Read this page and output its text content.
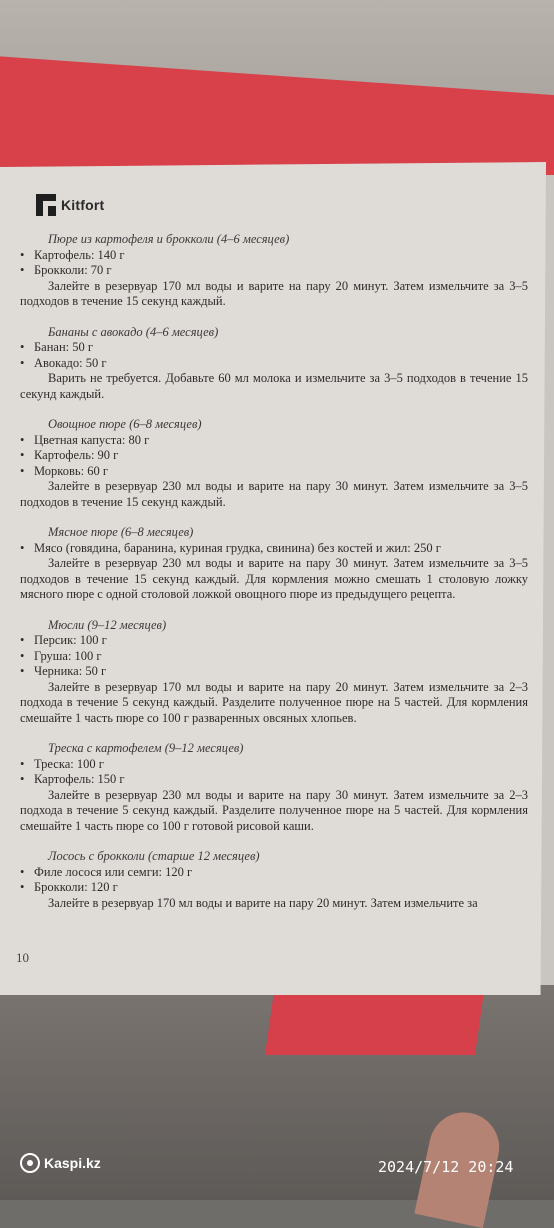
Kitfort
Пюре из картофеля и брокколи (4–6 месяцев)
• Картофель: 140 г
• Брокколи: 70 г
Залейте в резервуар 170 мл воды и варите на пару 20 минут. Затем измельчите за 3–5 подходов в течение 15 секунд каждый.
Бананы с авокадо (4–6 месяцев)
• Банан: 50 г
• Авокадо: 50 г
Варить не требуется. Добавьте 60 мл молока и измельчите за 3–5 подходов в течение 15 секунд каждый.
Овощное пюре (6–8 месяцев)
• Цветная капуста: 80 г
• Картофель: 90 г
• Морковь: 60 г
Залейте в резервуар 230 мл воды и варите на пару 30 минут. Затем измельчите за 3–5 подходов в течение 15 секунд каждый.
Мясное пюре (6–8 месяцев)
• Мясо (говядина, баранина, куриная грудка, свинина) без костей и жил: 250 г
Залейте в резервуар 230 мл воды и варите на пару 30 минут. Затем измельчите за 3–5 подходов в течение 15 секунд каждый. Для кормления можно смешать 1 столовую ложку мясного пюре с одной столовой ложкой овощного пюре из предыдущего рецепта.
Мюсли (9–12 месяцев)
• Персик: 100 г
• Груша: 100 г
• Черника: 50 г
Залейте в резервуар 170 мл воды и варите на пару 20 минут. Затем измельчите за 2–3 подхода в течение 5 секунд каждый. Разделите полученное пюре на 5 частей. Для кормления смешайте 1 часть пюре со 100 г разваренных овсяных хлопьев.
Треска с картофелем (9–12 месяцев)
• Треска: 100 г
• Картофель: 150 г
Залейте в резервуар 230 мл воды и варите на пару 30 минут. Затем измельчите за 2–3 подхода в течение 5 секунд каждый. Разделите полученное пюре на 5 частей. Для кормления смешайте 1 часть пюре со 100 г готовой рисовой каши.
Лосось с брокколи (старше 12 месяцев)
• Филе лосося или семги: 120 г
• Брокколи: 120 г
Залейте в резервуар 170 мл воды и варите на пару 20 минут. Затем измельчите за
10
Kaspi.kz	2024/7/12 20:24
